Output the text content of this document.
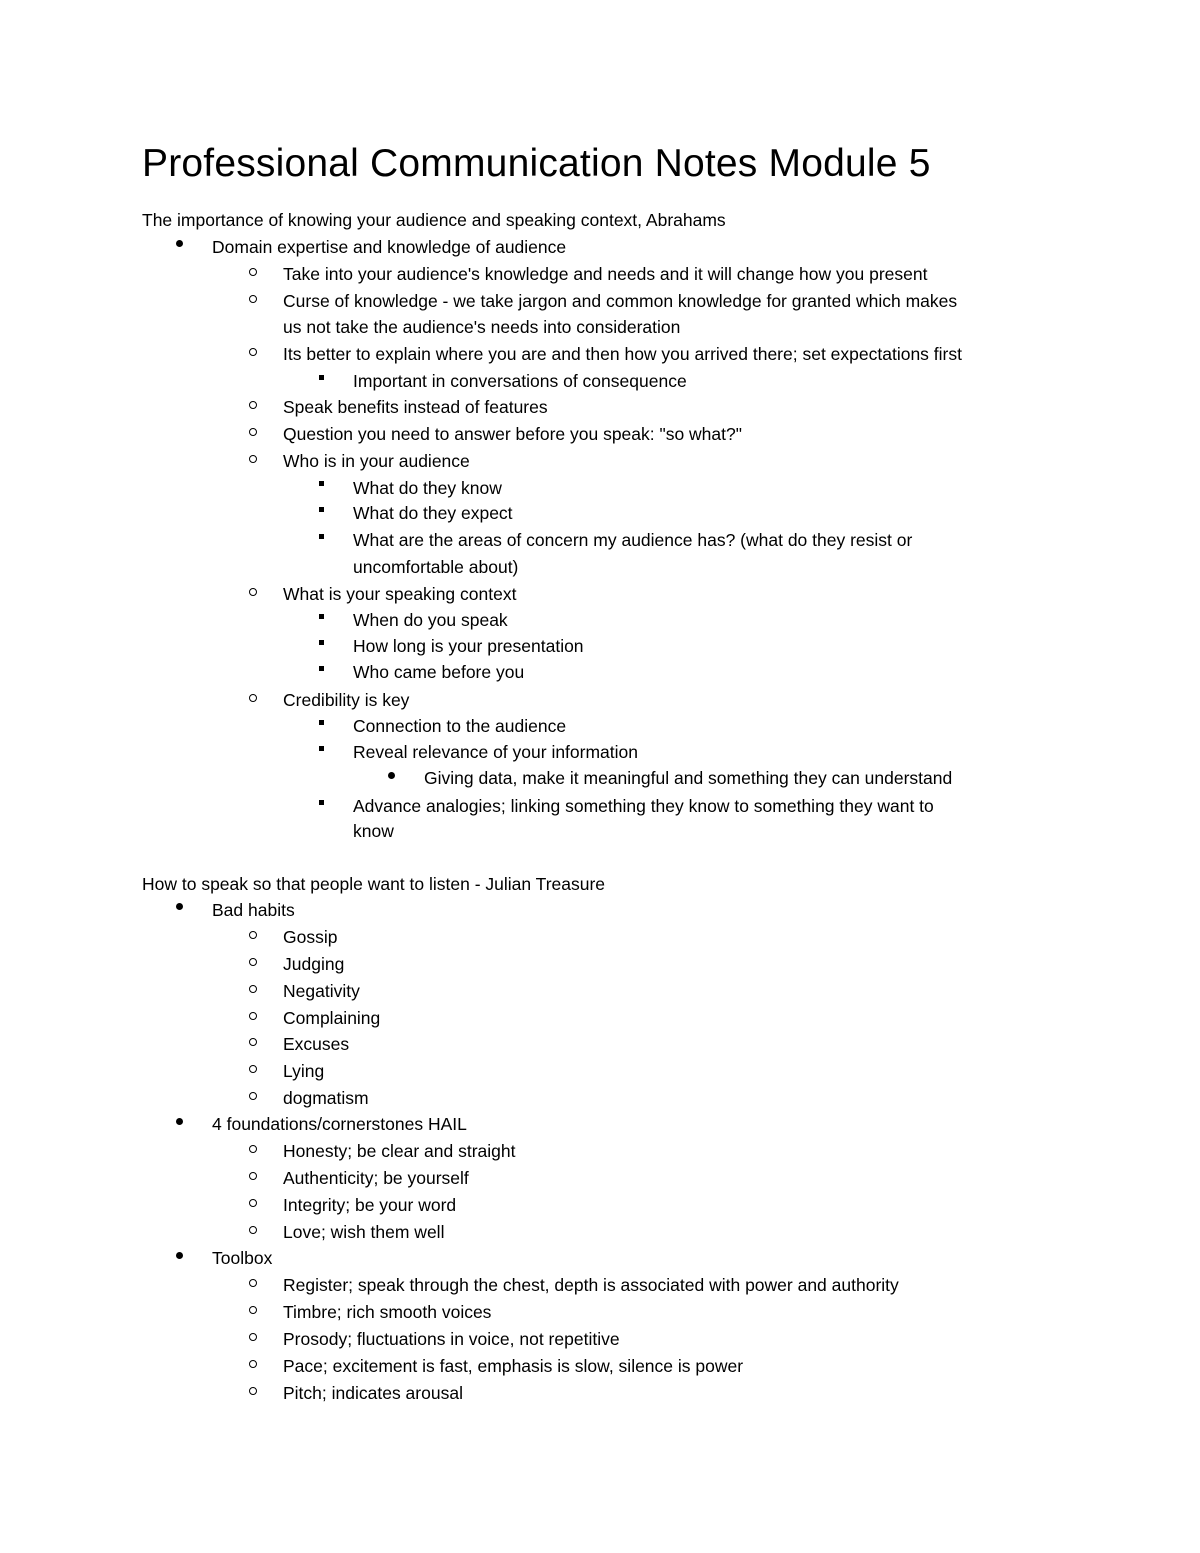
Professional Communication Notes Module 5
The importance of knowing your audience and speaking context, Abrahams
Domain expertise and knowledge of audience
Take into your audience's knowledge and needs and it will change how you present
Curse of knowledge - we take jargon and common knowledge for granted which makes
us not take the audience's needs into consideration
Its better to explain where you are and then how you arrived there; set expectations first
Important in conversations of consequence
Speak benefits instead of features
Question you need to answer before you speak: "so what?"
Who is in your audience
What do they know
What do they expect
What are the areas of concern my audience has? (what do they resist or
uncomfortable about)
What is your speaking context
When do you speak
How long is your presentation
Who came before you
Credibility is key
Connection to the audience
Reveal relevance of your information
Giving data, make it meaningful and something they can understand
Advance analogies; linking something they know to something they want to
know
How to speak so that people want to listen - Julian Treasure
Bad habits
Gossip
Judging
Negativity
Complaining
Excuses
Lying
dogmatism
4 foundations/cornerstones HAIL
Honesty; be clear and straight
Authenticity; be yourself
Integrity; be your word
Love; wish them well
Toolbox
Register; speak through the chest, depth is associated with power and authority
Timbre; rich smooth voices
Prosody; fluctuations in voice, not repetitive
Pace; excitement is fast, emphasis is slow, silence is power
Pitch; indicates arousal
